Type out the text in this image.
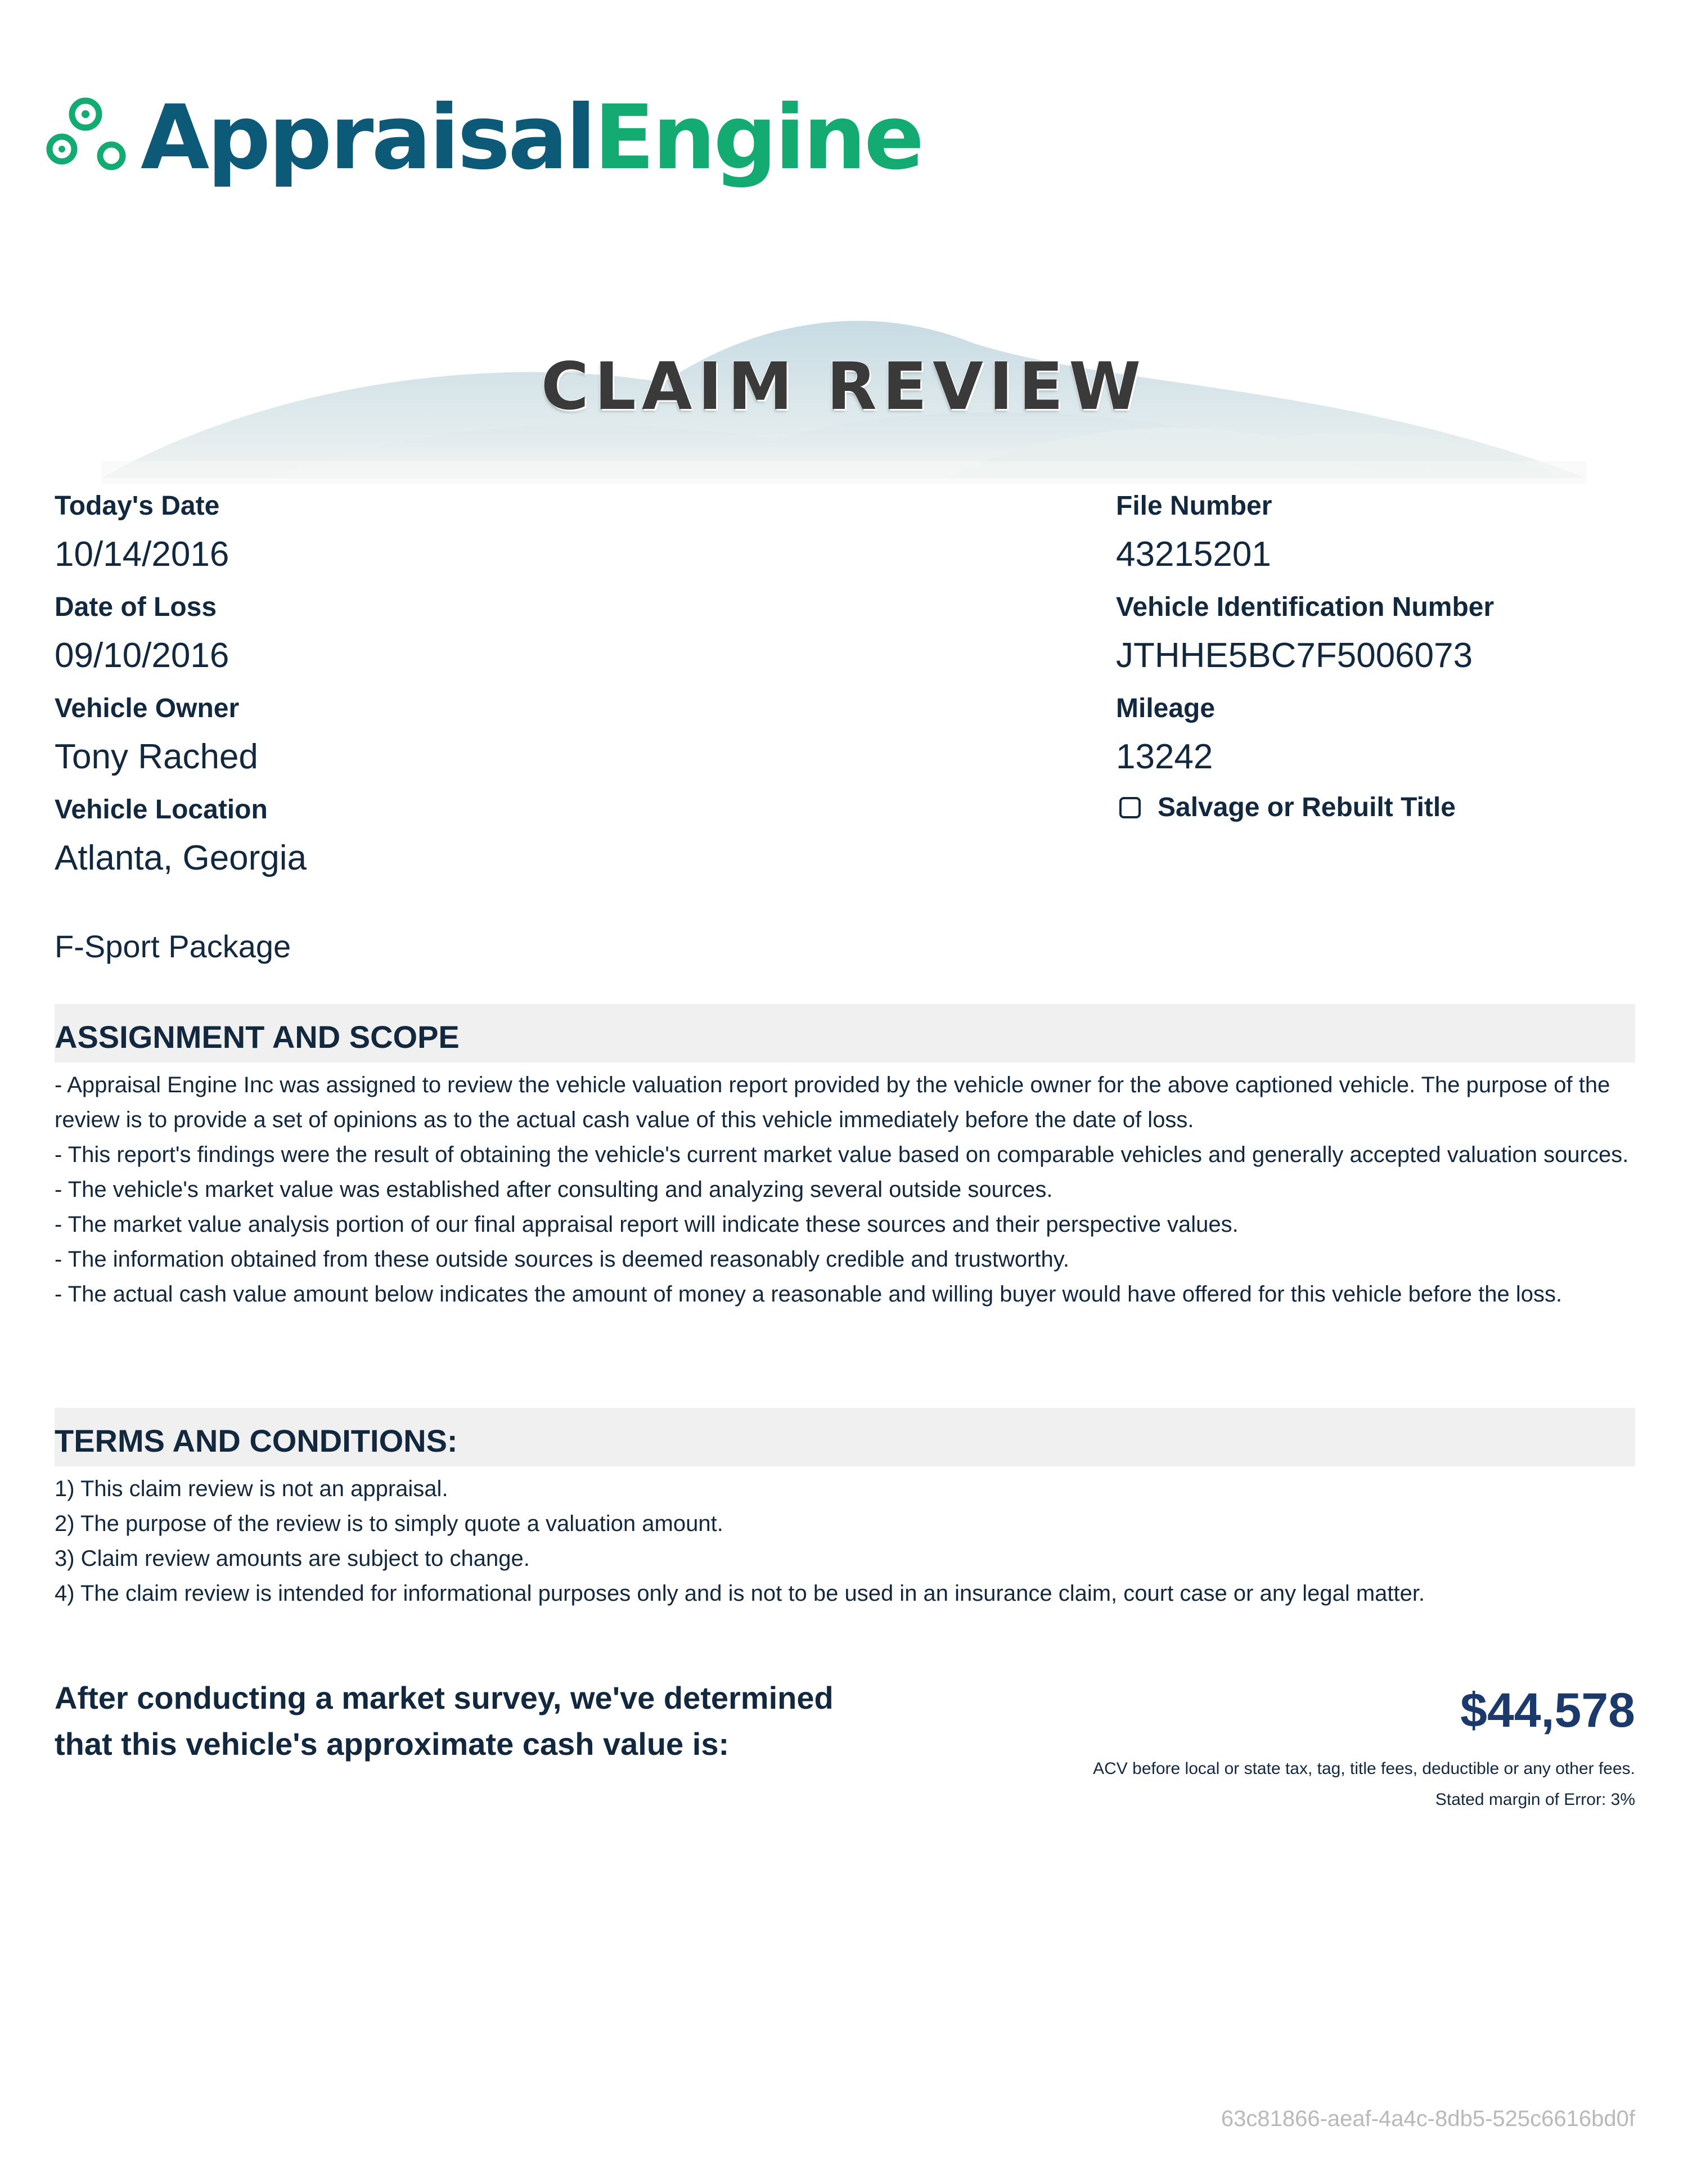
AppraisalEngine
CLAIM REVIEW
Today's Date
10/14/2016
Date of Loss
09/10/2016
Vehicle Owner
Tony Rached
Vehicle Location
Atlanta, Georgia
File Number
43215201
Vehicle Identification Number
JTHHE5BC7F5006073
Mileage
13242
Salvage or Rebuilt Title
F-Sport Package
ASSIGNMENT AND SCOPE

- Appraisal Engine Inc was assigned to review the vehicle valuation report provided by the vehicle owner for the above captioned vehicle. The purpose of the review is to provide a set of opinions as to the actual cash value of this vehicle immediately before the date of loss.

- This report's findings were the result of obtaining the vehicle's current market value based on comparable vehicles and generally accepted valuation sources.

- The vehicle's market value was established after consulting and analyzing several outside sources.

- The market value analysis portion of our final appraisal report will indicate these sources and their perspective values.

- The information obtained from these outside sources is deemed reasonably credible and trustworthy.

- The actual cash value amount below indicates the amount of money a reasonable and willing buyer would have offered for this vehicle before the loss.

TERMS AND CONDITIONS:

1) This claim review is not an appraisal.

2) The purpose of the review is to simply quote a valuation amount.

3) Claim review amounts are subject to change.

4) The claim review is intended for informational purposes only and is not to be used in an insurance claim, court case or any legal matter.

After conducting a market survey, we've determined that this vehicle's approximate cash value is:
$44,578
ACV before local or state tax, tag, title fees, deductible or any other fees.
Stated margin of Error: 3%
63c81866-aeaf-4a4c-8db5-525c6616bd0f
